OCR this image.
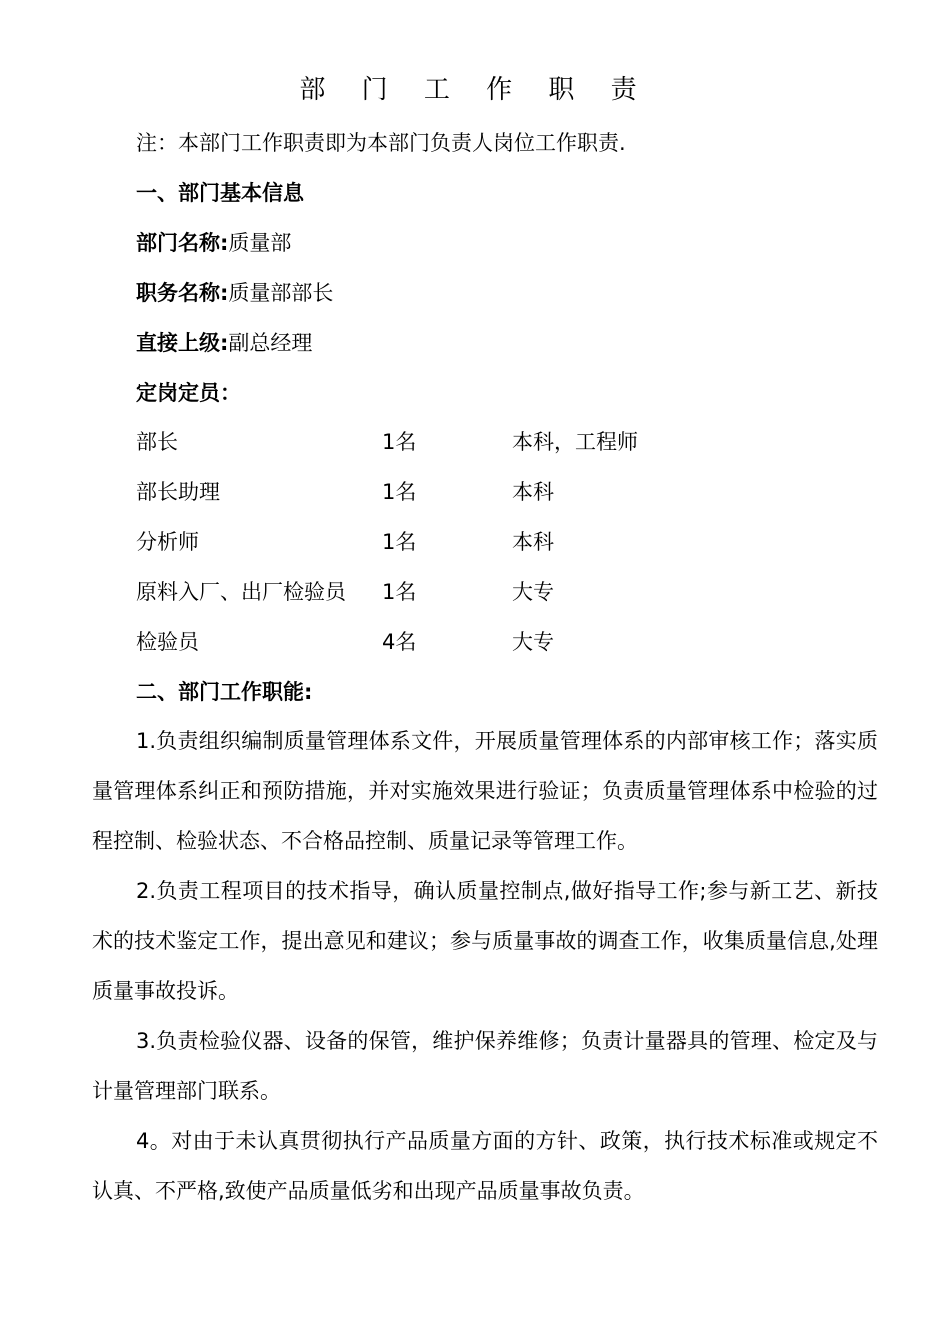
部 门 工 作 职 责
注：本部门工作职责即为本部门负责人岗位工作职责.
一、部门基本信息
部门名称:质量部
职务名称:质量部部长
直接上级:副总经理
定岗定员：
部长	1名	本科，工程师
部长助理	1名	本科
分析师	1名	本科
原料入厂、出厂检验员 1名	大专
检验员	4名	大专
二、部门工作职能:
1.负责组织编制质量管理体系文件，开展质量管理体系的内部审核工作；落实质量管理体系纠正和预防措施，并对实施效果进行验证；负责质量管理体系中检验的过程控制、检验状态、不合格品控制、质量记录等管理工作。
2.负责工程项目的技术指导，确认质量控制点,做好指导工作;参与新工艺、新技术的技术鉴定工作，提出意见和建议；参与质量事故的调查工作，收集质量信息,处理质量事故投诉。
3.负责检验仪器、设备的保管，维护保养维修；负责计量器具的管理、检定及与计量管理部门联系。
4。对由于未认真贯彻执行产品质量方面的方针、政策，执行技术标准或规定不认真、不严格,致使产品质量低劣和出现产品质量事故负责。
